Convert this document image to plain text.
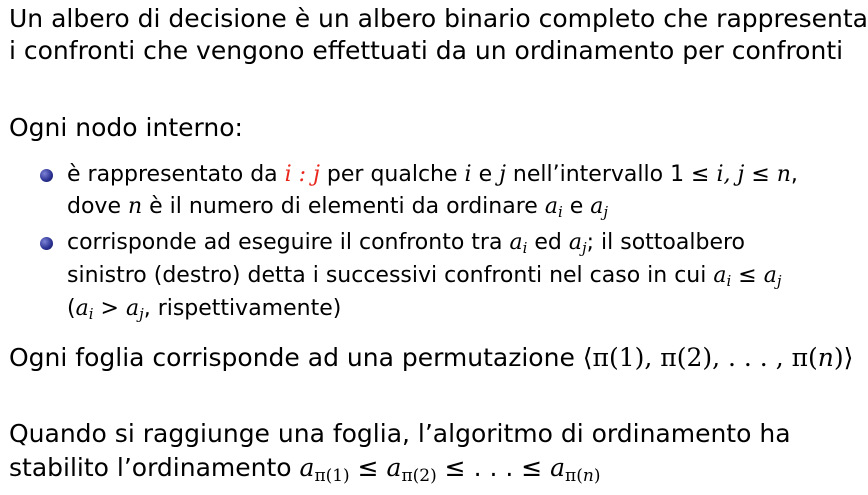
Un albero di decisione è un albero binario completo che rappresenta
i confronti che vengono effettuati da un ordinamento per confronti
Ogni nodo interno:
è rappresentato da i : j per qualche i e j nell’intervallo 1 ≤ i, j ≤ n,
dove n è il numero di elementi da ordinare $a_i$ e $a_j$
corrisponde ad eseguire il confronto tra $a_i$ ed $a_j$; il sottoalbero
sinistro (destro) detta i successivi confronti nel caso in cui $a_i \le a_j$
($a_i > a_j$, rispettivamente)
Ogni foglia corrisponde ad una permutazione ⟨π(1), π(2), . . . , π(n)⟩
Quando si raggiunge una foglia, l’algoritmo di ordinamento ha
stabilito l’ordinamento $a_{\pi(1)} \le a_{\pi(2)}$ ≤ . . . ≤ $a_{\pi(n)}$
